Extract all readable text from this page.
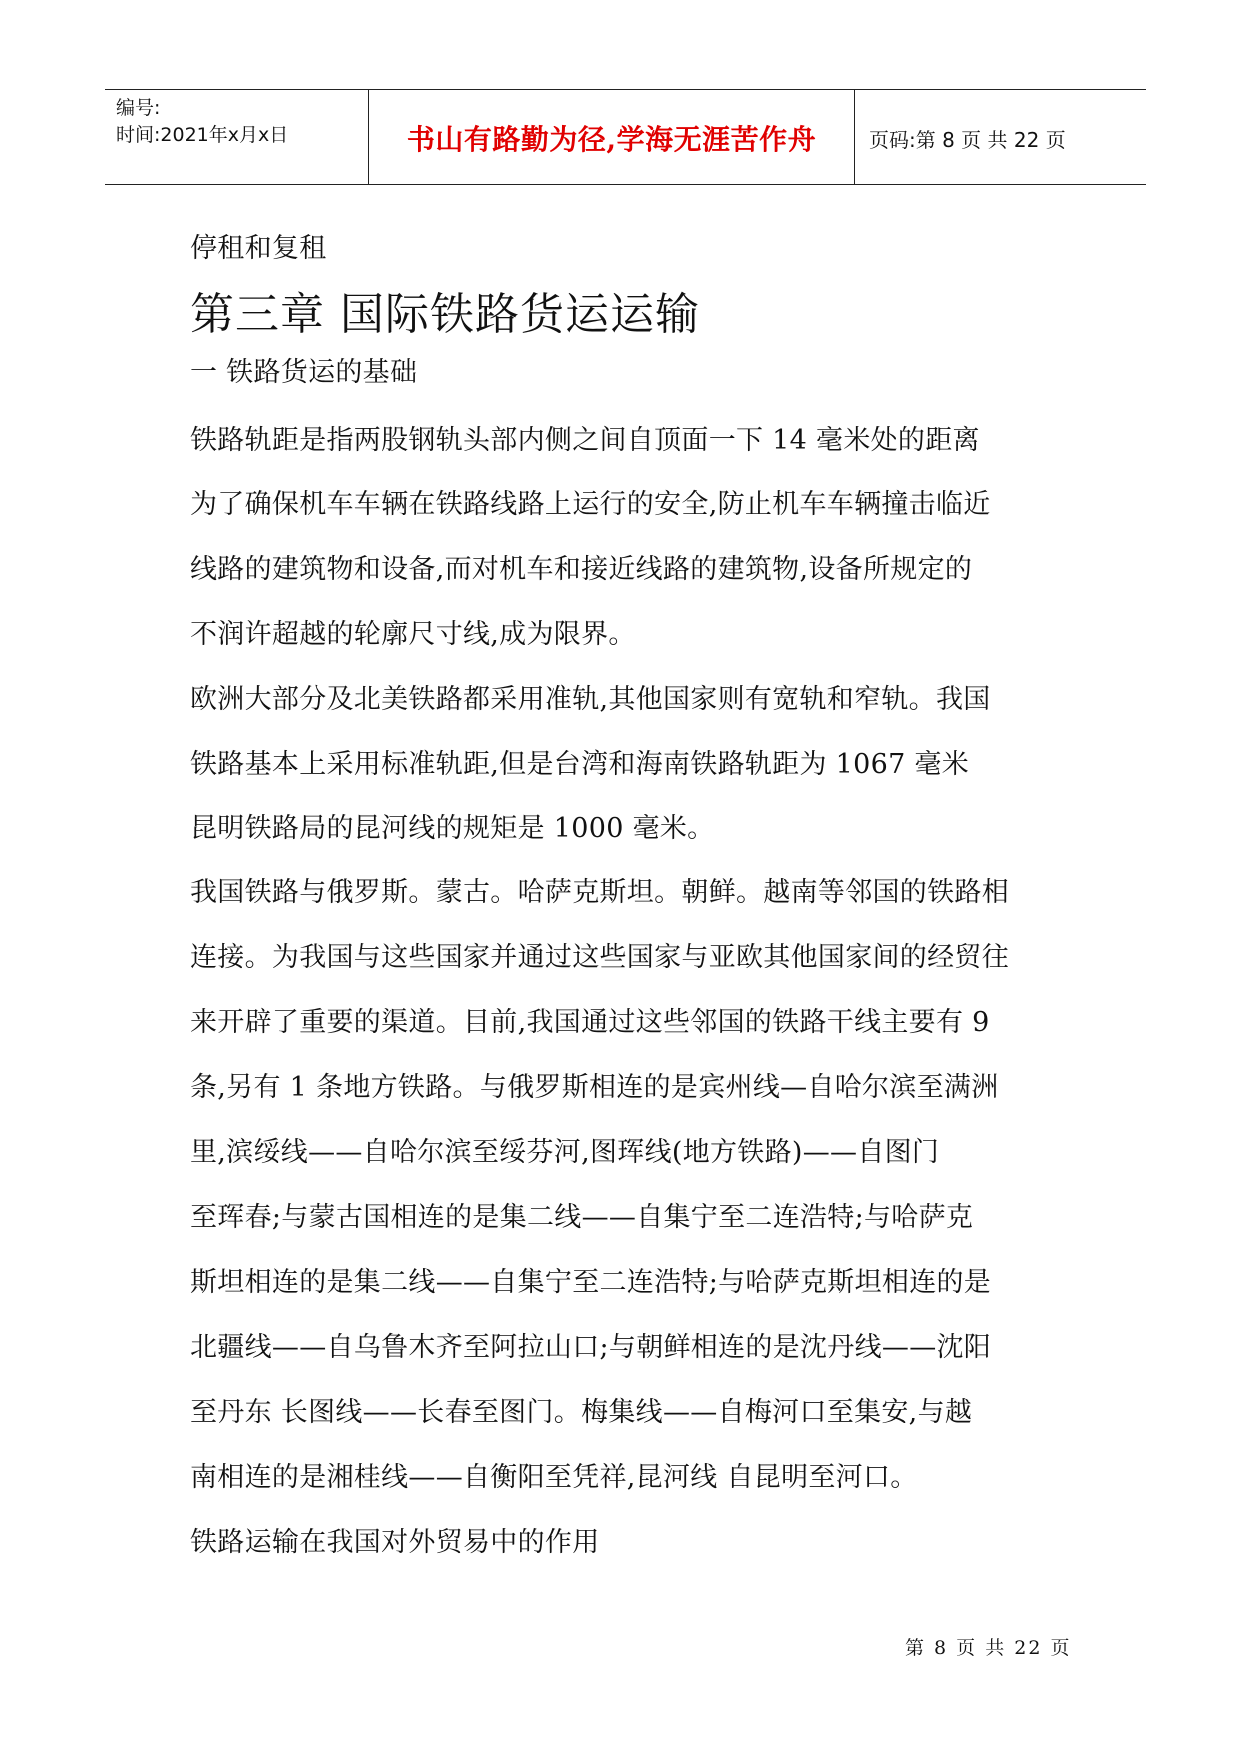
编号:
时间:2021年x月x日	书山有路勤为径,学海无涯苦作舟	页码:第 8 页 共 22 页
停租和复租
第三章 国际铁路货运运输
一 铁路货运的基础
铁路轨距是指两股钢轨头部内侧之间自顶面一下 14 毫米处的距离
为了确保机车车辆在铁路线路上运行的安全,防止机车车辆撞击临近
线路的建筑物和设备,而对机车和接近线路的建筑物,设备所规定的
不润许超越的轮廓尺寸线,成为限界。
欧洲大部分及北美铁路都采用准轨,其他国家则有宽轨和窄轨。我国
铁路基本上采用标准轨距,但是台湾和海南铁路轨距为 1067 毫米
昆明铁路局的昆河线的规矩是 1000 毫米。
我国铁路与俄罗斯。蒙古。哈萨克斯坦。朝鲜。越南等邻国的铁路相
连接。为我国与这些国家并通过这些国家与亚欧其他国家间的经贸往
来开辟了重要的渠道。目前,我国通过这些邻国的铁路干线主要有 9
条,另有 1 条地方铁路。与俄罗斯相连的是宾州线—自哈尔滨至满洲
里,滨绥线——自哈尔滨至绥芬河,图珲线(地方铁路)——自图门
至珲春;与蒙古国相连的是集二线——自集宁至二连浩特;与哈萨克
斯坦相连的是集二线——自集宁至二连浩特;与哈萨克斯坦相连的是
北疆线——自乌鲁木齐至阿拉山口;与朝鲜相连的是沈丹线——沈阳
至丹东 长图线——长春至图门。梅集线——自梅河口至集安,与越
南相连的是湘桂线——自衡阳至凭祥,昆河线 自昆明至河口。
铁路运输在我国对外贸易中的作用
第 8 页 共 22 页
